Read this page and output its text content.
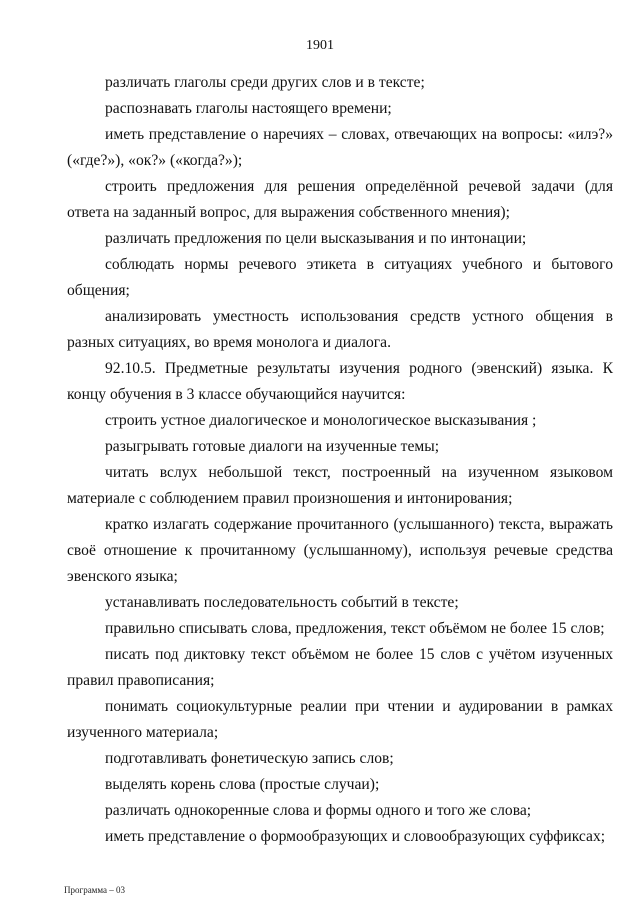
1901

различать глаголы среди других слов и в тексте;

распознавать глаголы настоящего времени;

иметь представление о наречиях – словах, отвечающих на вопросы: «илэ?» («где?»), «ок?» («когда?»);

строить предложения для решения определённой речевой задачи (для ответа на заданный вопрос, для выражения собственного мнения);

различать предложения по цели высказывания и по интонации;

соблюдать нормы речевого этикета в ситуациях учебного и бытового общения;

анализировать уместность использования средств устного общения в разных ситуациях, во время монолога и диалога.

92.10.5. Предметные результаты изучения родного (эвенский) языка. К концу обучения в 3 классе обучающийся научится:

строить устное диалогическое и монологическое высказывания ;

разыгрывать готовые диалоги на изученные темы;

читать вслух небольшой текст, построенный на изученном языковом материале с соблюдением правил произношения и интонирования;

кратко излагать содержание прочитанного (услышанного) текста, выражать своё отношение к прочитанному (услышанному), используя речевые средства эвенского языка;

устанавливать последовательность событий в тексте;

правильно списывать слова, предложения, текст объёмом не более 15 слов;

писать под диктовку текст объёмом не более 15 слов с учётом изученных правил правописания;

понимать социокультурные реалии при чтении и аудировании в рамках изученного материала;

подготавливать фонетическую запись слов;

выделять корень слова (простые случаи);

различать однокоренные слова и формы одного и того же слова;

иметь представление о формообразующих и словообразующих суффиксах;

Программа – 03
